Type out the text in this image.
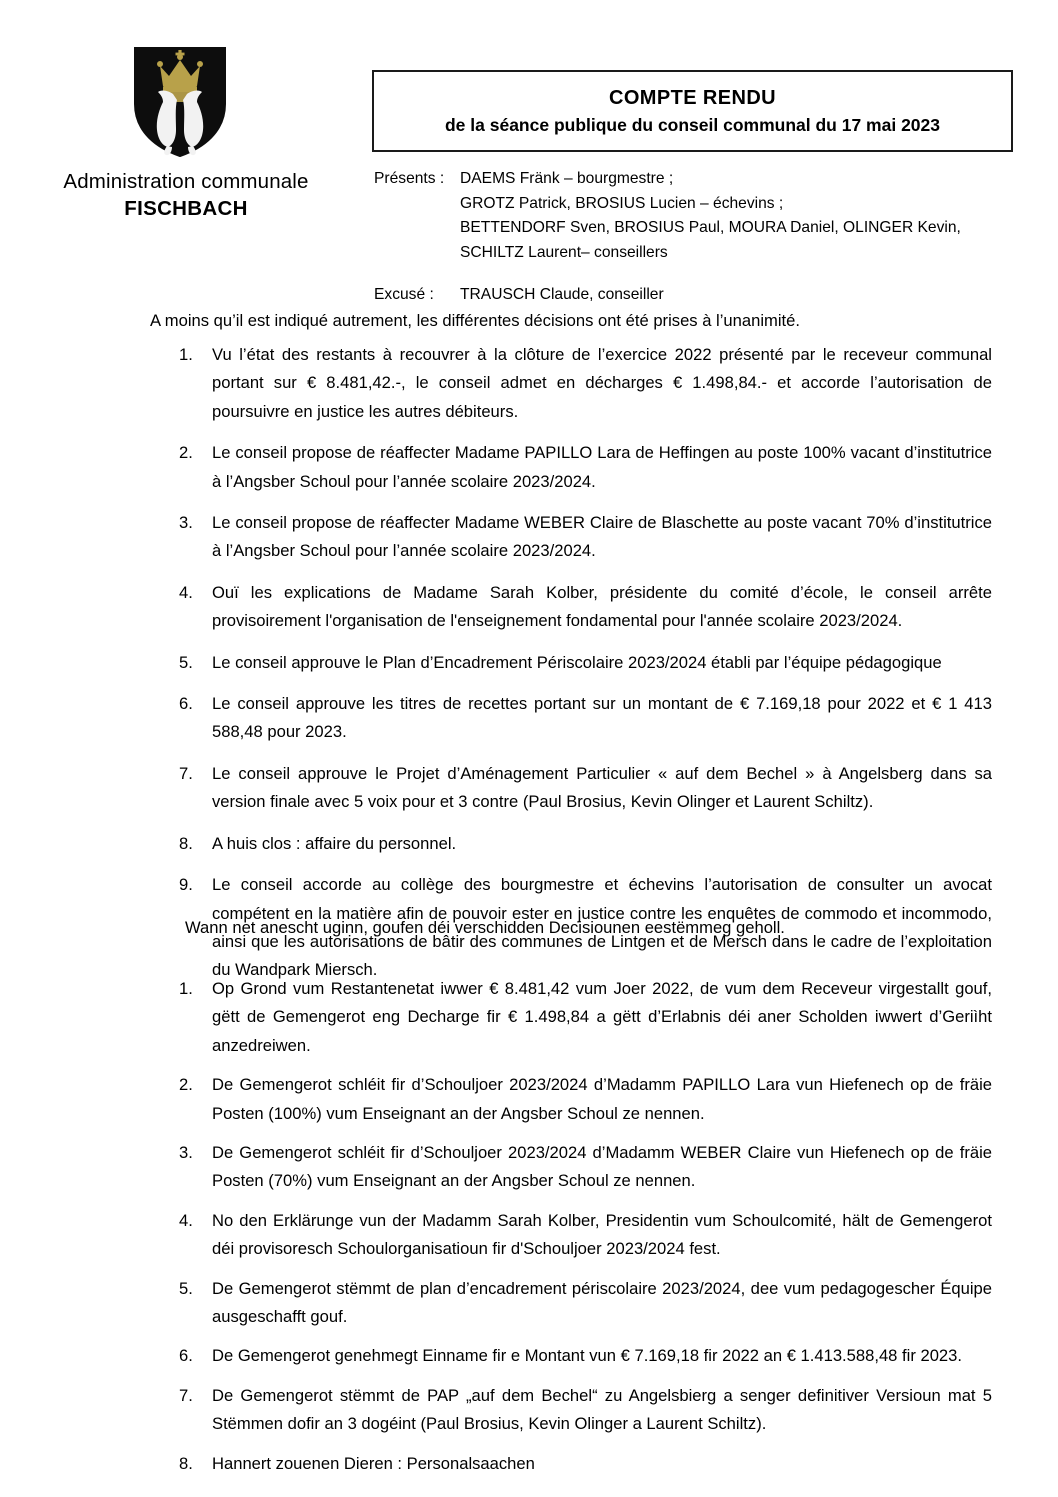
Administration communale
FISCHBACH
COMPTE RENDU
de la séance publique du conseil communal du 17 mai 2023
Présents :	DAEMS Fränk – bourgmestre ;
GROTZ Patrick, BROSIUS Lucien – échevins ;
BETTENDORF Sven, BROSIUS Paul, MOURA Daniel, OLINGER Kevin,
SCHILTZ Laurent– conseillers
Excusé :	TRAUSCH Claude, conseiller
A moins qu’il est indiqué autrement, les différentes décisions ont été prises à l’unanimité.
1.	Vu l’état des restants à recouvrer à la clôture de l’exercice 2022 présenté par le receveur communal portant sur € 8.481,42.-, le conseil admet en décharges € 1.498,84.- et accorde l’autorisation de poursuivre en justice les autres débiteurs.
2.	Le conseil propose de réaffecter Madame PAPILLO Lara de Heffingen au poste 100% vacant d’institutrice à l’Angsber Schoul pour l’année scolaire 2023/2024.
3.	Le conseil propose de réaffecter Madame WEBER Claire de Blaschette au poste vacant 70% d’institutrice à l’Angsber Schoul pour l’année scolaire 2023/2024.
4.	Ouï les explications de Madame Sarah Kolber, présidente du comité d’école, le conseil arrête provisoirement l'organisation de l'enseignement fondamental pour l'année scolaire 2023/2024.
5.	Le conseil approuve le Plan d’Encadrement Périscolaire 2023/2024 établi par l’équipe pédagogique
6.	Le conseil approuve les titres de recettes portant sur un montant de € 7.169,18 pour 2022 et € 1 413 588,48 pour 2023.
7.	Le conseil approuve le Projet d’Aménagement Particulier « auf dem Bechel » à Angelsberg dans sa version finale avec 5 voix pour et 3 contre (Paul Brosius, Kevin Olinger et Laurent Schiltz).
8.	A huis clos : affaire du personnel.
9.	Le conseil accorde au collège des bourgmestre et échevins l’autorisation de consulter un avocat compétent en la matière afin de pouvoir ester en justice contre les enquêtes de commodo et incommodo, ainsi que les autorisations de bâtir des communes de Lintgen et de Mersch dans le cadre de l’exploitation du Wandpark Miersch.
Wann net anescht uginn, goufen déi verschidden Decisiounen eestëmmeg geholl.
1.	Op Grond vum Restantenetat iwwer € 8.481,42 vum Joer 2022, de vum dem Receveur virgestallt gouf, gëtt de Gemengerot eng Decharge fir € 1.498,84 a gëtt d’Erlabnis déi aner Scholden iwwert d’Geriìht anzedreiwen.
2.	De Gemengerot schléit fir d’Schouljoer 2023/2024 d’Madamm PAPILLO Lara vun Hiefenech op de fräie Posten (100%) vum Enseignant an der Angsber Schoul ze nennen.
3.	De Gemengerot schléit fir d’Schouljoer 2023/2024 d’Madamm WEBER Claire vun Hiefenech op de fräie Posten (70%) vum Enseignant an der Angsber Schoul ze nennen.
4.	No den Erklärunge vun der Madamm Sarah Kolber, Presidentin vum Schoulcomité, hält de Gemengerot déi provisoresch Schoulorganisatioun fir d'Schouljoer 2023/2024 fest.
5.	De Gemengerot stëmmt de plan d’encadrement périscolaire 2023/2024, dee vum pedagogescher Équipe ausgeschafft gouf.
6.	De Gemengerot genehmegt Einname fir e Montant vun € 7.169,18 fir 2022 an € 1.413.588,48 fir 2023.
7.	De Gemengerot stëmmt de PAP „auf dem Bechel“ zu Angelsbierg a senger definitiver Versioun mat 5 Stëmmen dofir an 3 dogéint (Paul Brosius, Kevin Olinger a Laurent Schiltz).
8.	Hannert zouenen Dieren : Personalsaachen
